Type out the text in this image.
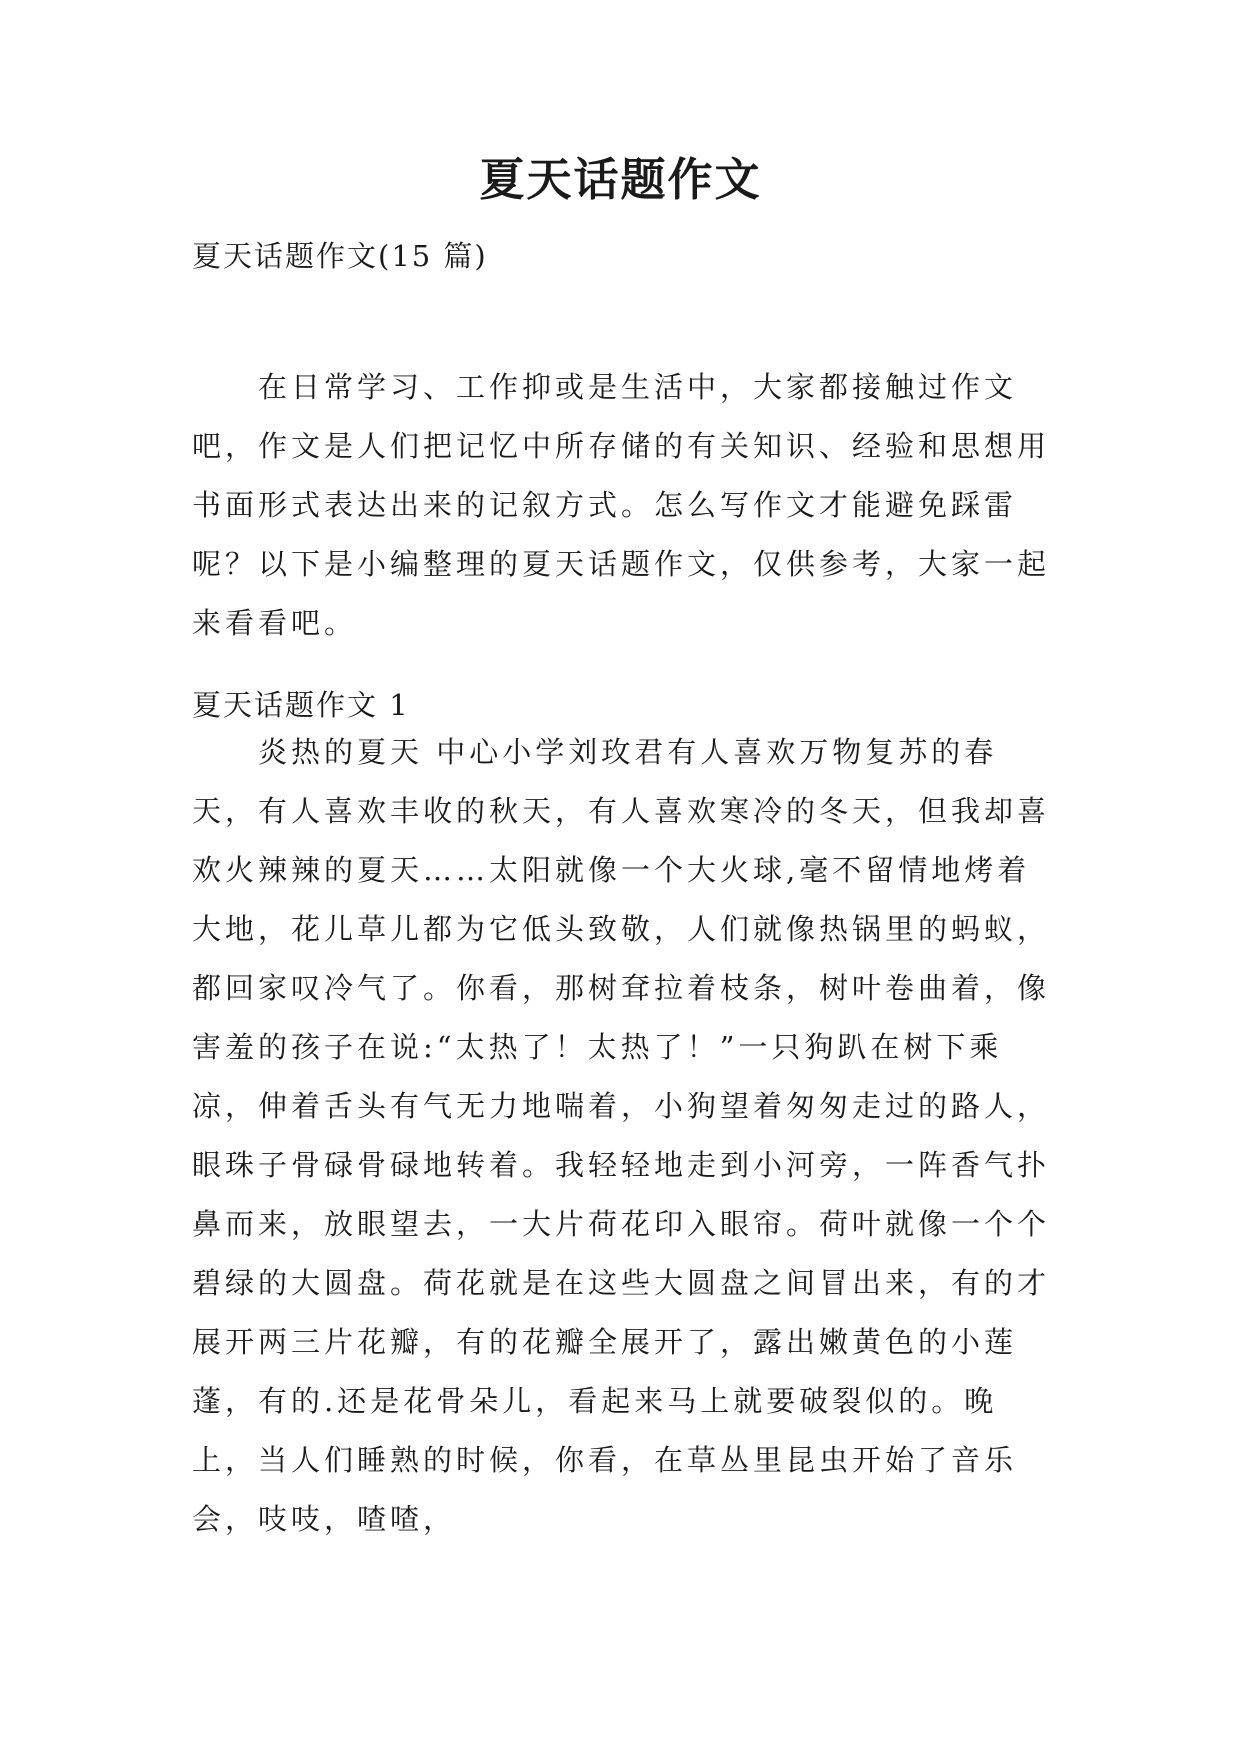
夏天话题作文

夏天话题作文(15 篇)

在日常学习、工作抑或是生活中，大家都接触过作文吧，作文是人们把记忆中所存储的有关知识、经验和思想用书面形式表达出来的记叙方式。怎么写作文才能避免踩雷呢？以下是小编整理的夏天话题作文，仅供参考，大家一起来看看吧。

夏天话题作文 1

炎热的夏天 中心小学刘玫君有人喜欢万物复苏的春天，有人喜欢丰收的秋天，有人喜欢寒冷的冬天，但我却喜欢火辣辣的夏天……太阳就像一个大火球,毫不留情地烤着大地，花儿草儿都为它低头致敬，人们就像热锅里的蚂蚁，都回家叹冷气了。你看，那树耷拉着枝条，树叶卷曲着，像害羞的孩子在说:“太热了！太热了！”一只狗趴在树下乘凉，伸着舌头有气无力地喘着，小狗望着匆匆走过的路人，眼珠子骨碌骨碌地转着。我轻轻地走到小河旁，一阵香气扑鼻而来，放眼望去，一大片荷花印入眼帘。荷叶就像一个个碧绿的大圆盘。荷花就是在这些大圆盘之间冒出来，有的才展开两三片花瓣，有的花瓣全展开了，露出嫩黄色的小莲蓬，有的.还是花骨朵儿，看起来马上就要破裂似的。晚上，当人们睡熟的时候，你看，在草丛里昆虫开始了音乐会，吱吱，喳喳，
